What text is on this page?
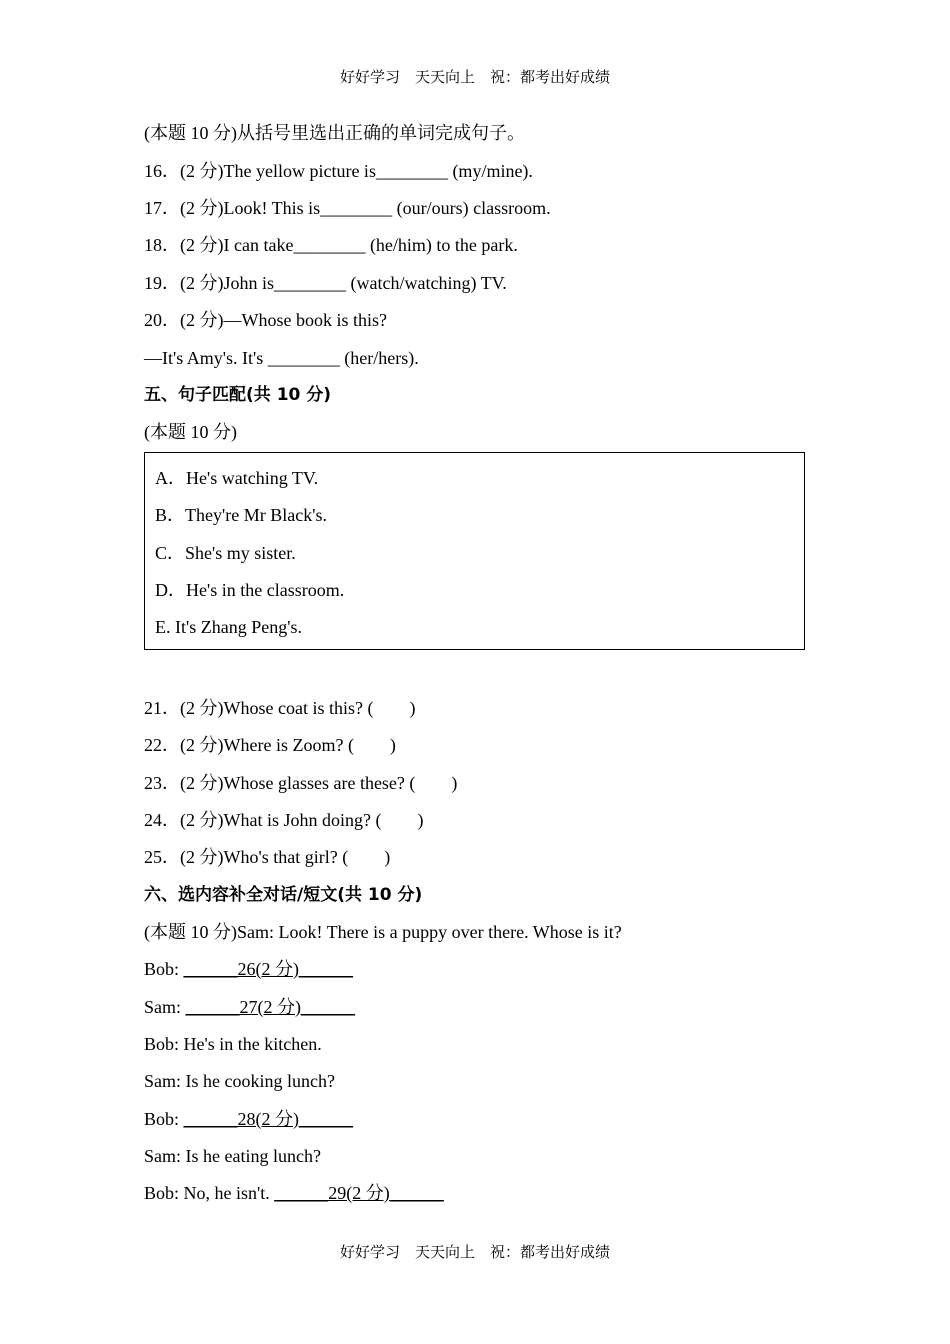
好好学习　天天向上　祝：都考出好成绩
(本题 10 分)从括号里选出正确的单词完成句子。
16．(2 分)The yellow picture is________ (my/mine).
17．(2 分)Look! This is________ (our/ours) classroom.
18．(2 分)I can take________ (he/him) to the park.
19．(2 分)John is________ (watch/watching) TV.
20．(2 分)—Whose book is this?
—It's Amy's. It's ________ (her/hers).
五、句子匹配(共 10 分)
(本题 10 分)
21．(2 分)Whose coat is this? (　　)
22．(2 分)Where is Zoom? (　　)
23．(2 分)Whose glasses are these? (　　)
24．(2 分)What is John doing? (　　)
25．(2 分)Who's that girl? (　　)
六、选内容补全对话/短文(共 10 分)
(本题 10 分)Sam: Look! There is a puppy over there. Whose is it?
Bob: ______26(2 分)______
Sam: ______27(2 分)______
Bob: He's in the kitchen.
Sam: Is he cooking lunch?
Bob: ______28(2 分)______
Sam: Is he eating lunch?
Bob: No, he isn't. ______29(2 分)______
A．He's watching TV.
B．They're Mr Black's.
C．She's my sister.
D．He's in the classroom.
E. It's Zhang Peng's.
好好学习　天天向上　祝：都考出好成绩
